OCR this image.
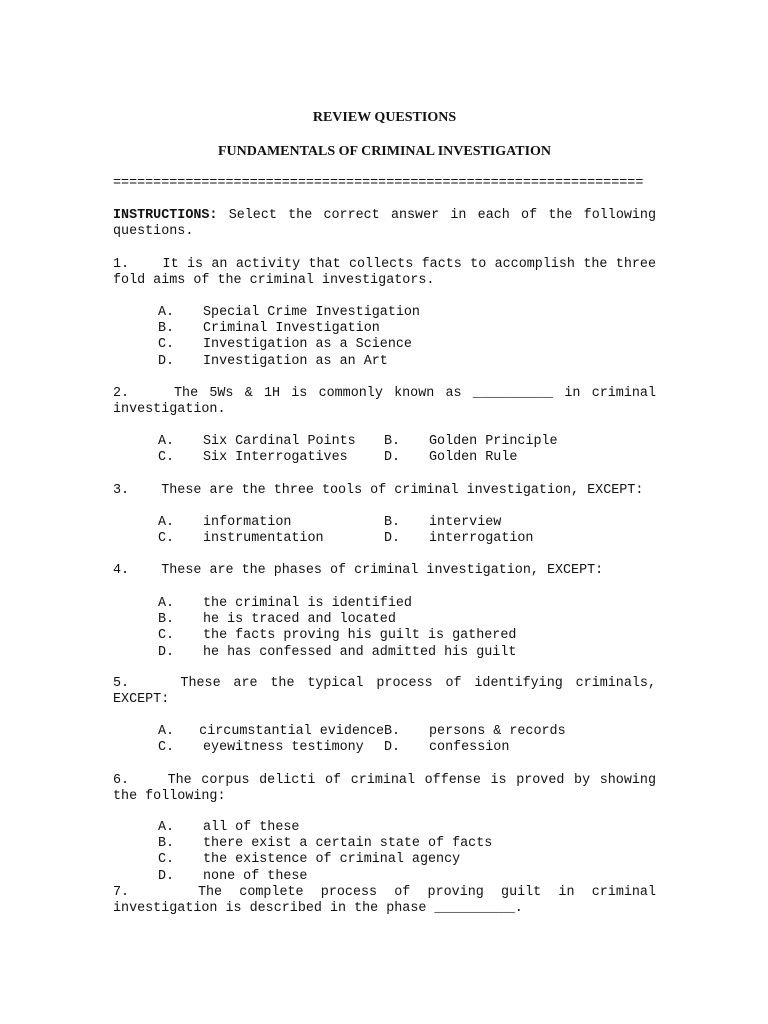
REVIEW QUESTIONS
FUNDAMENTALS OF CRIMINAL INVESTIGATION
==================================================================
INSTRUCTIONS: Select the correct answer in each of the following questions.
1. It is an activity that collects facts to accomplish the three fold aims of the criminal investigators.
A.	Special Crime Investigation
B.	Criminal Investigation
C.	Investigation as a Science
D.	Investigation as an Art
2.	The 5Ws & 1H is commonly known as __________ in criminal investigation.
A.	Six Cardinal Points B.	Golden Principle
C.	Six Interrogatives	D.	Golden Rule
3. These are the three tools of criminal investigation, EXCEPT:
A.	information	B.	interview
C.	instrumentation	D.	interrogation
4. These are the phases of criminal investigation, EXCEPT:
A.	the criminal is identified
B.	he is traced and located
C.	the facts proving his guilt is gathered
D.	he has confessed and admitted his guilt
5.	These are the typical process of identifying criminals, EXCEPT:
A.	circumstantial evidence B.	persons & records
C.	eyewitness testimony D.	confession
6.	The corpus delicti of criminal offense is proved by showing the following:
A.	all of these
B.	there exist a certain state of facts
C.	the existence of criminal agency
D.	none of these
7.	The complete process of proving guilt in criminal investigation is described in the phase __________.
